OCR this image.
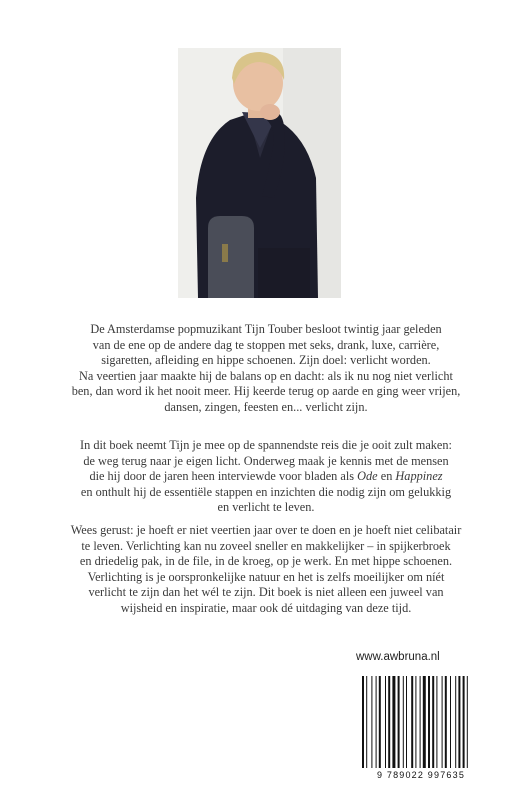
De Amsterdamse popmuzikant Tijn Touber besloot twintig jaar geleden
van de ene op de andere dag te stoppen met seks, drank, luxe, carrière,
sigaretten, afleiding en hippe schoenen. Zijn doel: verlicht worden.
Na veertien jaar maakte hij de balans op en dacht: als ik nu nog niet verlicht
ben, dan word ik het nooit meer. Hij keerde terug op aarde en ging weer vrijen,
dansen, zingen, feesten en... verlicht zijn.
In dit boek neemt Tijn je mee op de spannendste reis die je ooit zult maken:
de weg terug naar je eigen licht. Onderweg maak je kennis met de mensen
die hij door de jaren heen interviewde voor bladen als Ode en Happinez
en onthult hij de essentiële stappen en inzichten die nodig zijn om gelukkig
en verlicht te leven.
Wees gerust: je hoeft er niet veertien jaar over te doen en je hoeft niet celibatair
te leven. Verlichting kan nu zoveel sneller en makkelijker – in spijkerbroek
en driedelig pak, in de file, in de kroeg, op je werk. En met hippe schoenen.
Verlichting is je oorspronkelijke natuur en het is zelfs moeilijker om níét
verlicht te zijn dan het wél te zijn. Dit boek is niet alleen een juweel van
wijsheid en inspiratie, maar ook dé uitdaging van deze tijd.
www.awbruna.nl
9 789022 997635
